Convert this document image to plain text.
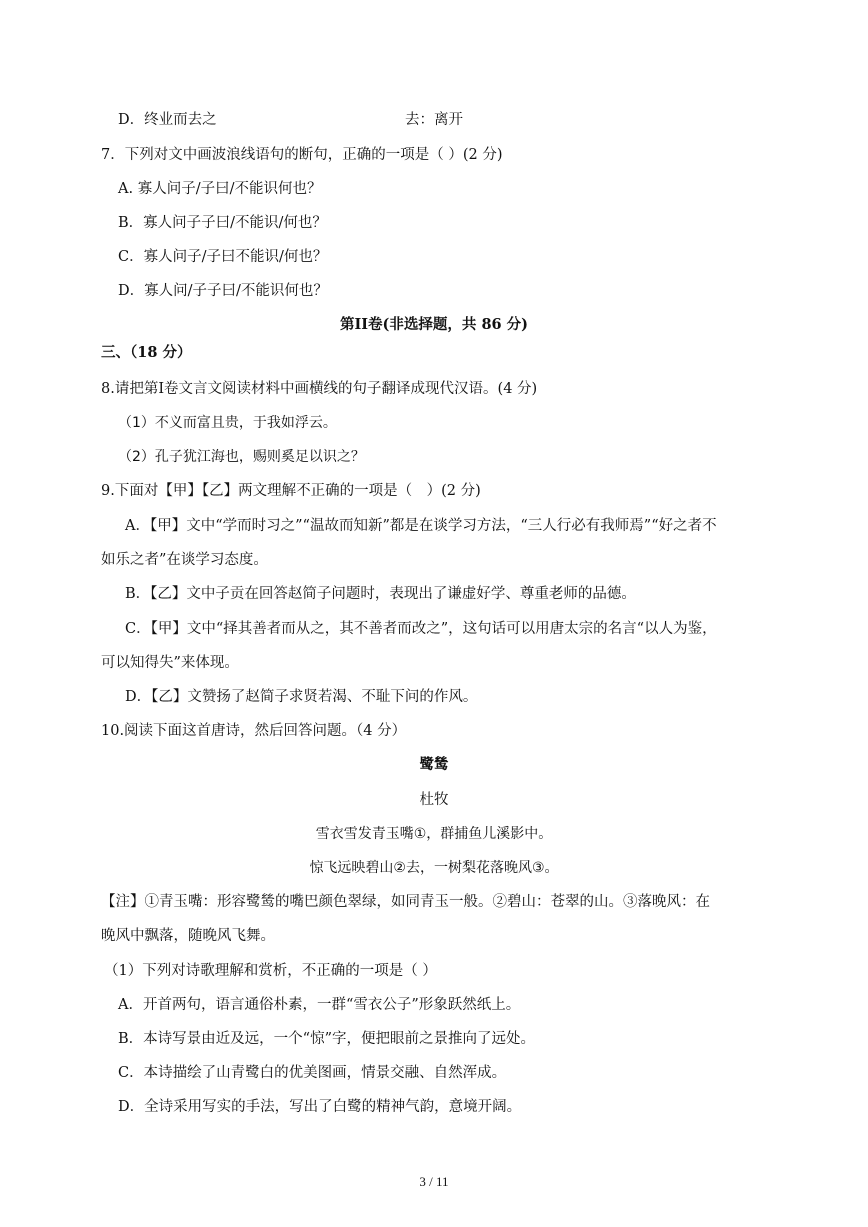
D．终业而去之	去：离开
7．下列对文中画波浪线语句的断句，正确的一项是（ ）(2 分)
A. 寡人问子/子曰/不能识何也？
B．寡人问子子曰/不能识/何也？
C．寡人问子/子曰不能识/何也？
D．寡人问/子子曰/不能识何也？
第II卷(非选择题，共 86 分)
三、（18 分）
8.请把第I卷文言文阅读材料中画横线的句子翻译成现代汉语。(4 分)
（1）不义而富且贵，于我如浮云。
（2）孔子犹江海也，赐则奚足以识之？
9.下面对【甲】【乙】两文理解不正确的一项是（　）(2 分)
A．【甲】文中“学而时习之”“温故而知新”都是在谈学习方法，“三人行必有我师焉”“好之者不
如乐之者”在谈学习态度。
B．【乙】文中子贡在回答赵简子问题时，表现出了谦虚好学、尊重老师的品德。
C．【甲】文中“择其善者而从之，其不善者而改之”，这句话可以用唐太宗的名言“以人为鉴，
可以知得失”来体现。
D．【乙】文赞扬了赵简子求贤若渴、不耻下问的作风。
10.阅读下面这首唐诗，然后回答问题。（4 分）
鹭鸶
杜牧
雪衣雪发青玉嘴①，群捕鱼儿溪影中。
惊飞远映碧山②去，一树梨花落晚风③。
【注】①青玉嘴：形容鹭鸶的嘴巴颜色翠绿，如同青玉一般。②碧山：苍翠的山。③落晚风：在
晚风中飘落，随晚风飞舞。
（1）下列对诗歌理解和赏析，不正确的一项是（ ）
A．开首两句，语言通俗朴素，一群“雪衣公子”形象跃然纸上。
B．本诗写景由近及远，一个“惊”字，便把眼前之景推向了远处。
C．本诗描绘了山青鹭白的优美图画，情景交融、自然浑成。
D．全诗采用写实的手法，写出了白鹭的精神气韵，意境开阔。
3 / 11
